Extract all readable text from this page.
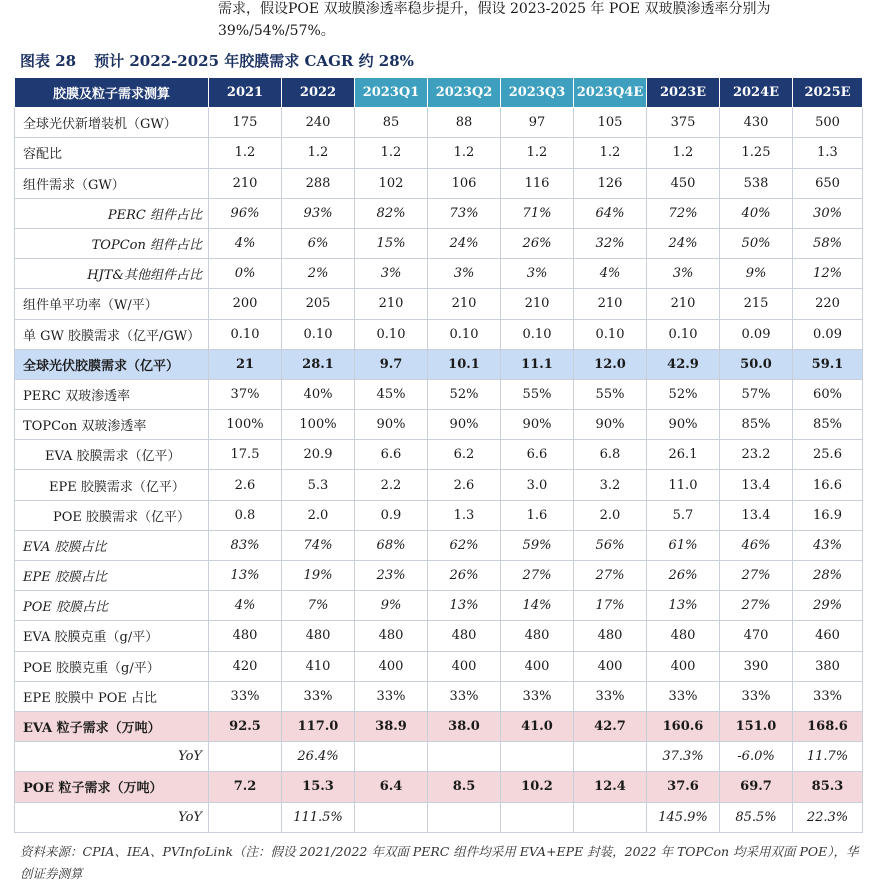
需求，假设POE 双玻膜渗透率稳步提升，假设 2023-2025 年 POE 双玻膜渗透率分别为
39%/54%/57%。
图表 28 预计 2022-2025 年胶膜需求 CAGR 约 28%
胶膜及粒子需求测算	2021	2022	2023Q1	2023Q2	2023Q3	2023Q4E	2023E	2024E	2025E
全球光伏新增装机（GW）	175	240	85	88	97	105	375	430	500
容配比	1.2	1.2	1.2	1.2	1.2	1.2	1.2	1.25	1.3
组件需求（GW）	210	288	102	106	116	126	450	538	650
PERC 组件占比	96%	93%	82%	73%	71%	64%	72%	40%	30%
TOPCon 组件占比	4%	6%	15%	24%	26%	32%	24%	50%	58%
HJT&其他组件占比	0%	2%	3%	3%	3%	4%	3%	9%	12%
组件单平功率（W/平）	200	205	210	210	210	210	210	215	220
单 GW 胶膜需求（亿平/GW）	0.10	0.10	0.10	0.10	0.10	0.10	0.10	0.09	0.09
全球光伏胶膜需求（亿平）	21	28.1	9.7	10.1	11.1	12.0	42.9	50.0	59.1
PERC 双玻渗透率	37%	40%	45%	52%	55%	55%	52%	57%	60%
TOPCon 双玻渗透率	100%	100%	90%	90%	90%	90%	90%	85%	85%
EVA 胶膜需求（亿平）	17.5	20.9	6.6	6.2	6.6	6.8	26.1	23.2	25.6
EPE 胶膜需求（亿平）	2.6	5.3	2.2	2.6	3.0	3.2	11.0	13.4	16.6
POE 胶膜需求（亿平）	0.8	2.0	0.9	1.3	1.6	2.0	5.7	13.4	16.9
EVA 胶膜占比	83%	74%	68%	62%	59%	56%	61%	46%	43%
EPE 胶膜占比	13%	19%	23%	26%	27%	27%	26%	27%	28%
POE 胶膜占比	4%	7%	9%	13%	14%	17%	13%	27%	29%
EVA 胶膜克重（g/平）	480	480	480	480	480	480	480	470	460
POE 胶膜克重（g/平）	420	410	400	400	400	400	400	390	380
EPE 胶膜中 POE 占比	33%	33%	33%	33%	33%	33%	33%	33%	33%
EVA 粒子需求（万吨）	92.5	117.0	38.9	38.0	41.0	42.7	160.6	151.0	168.6
YoY		26.4%					37.3%	-6.0%	11.7%
POE 粒子需求（万吨）	7.2	15.3	6.4	8.5	10.2	12.4	37.6	69.7	85.3
YoY		111.5%					145.9%	85.5%	22.3%
资料来源：CPIA、IEA、PVInfoLink（注：假设 2021/2022 年双面 PERC 组件均采用 EVA+EPE 封装，2022 年 TOPCon 均采用双面 POE），华创证券测算
